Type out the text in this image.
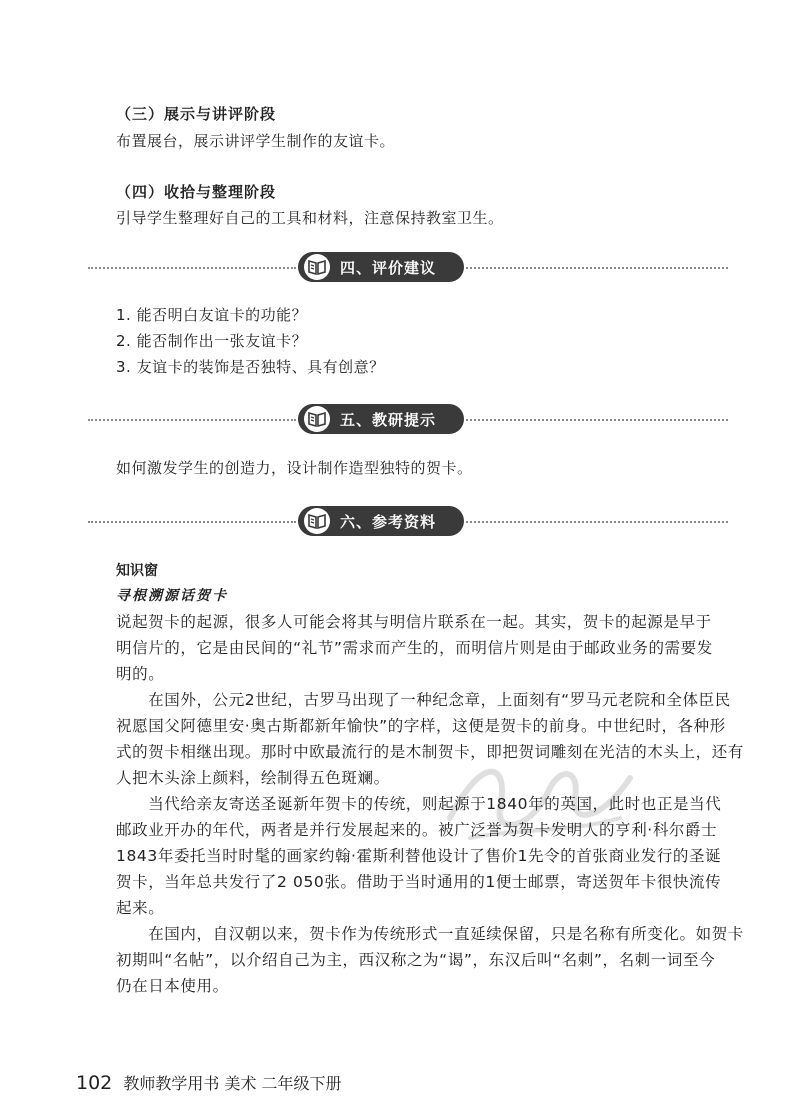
（三）展示与讲评阶段
布置展台，展示讲评学生制作的友谊卡。
（四）收拾与整理阶段
引导学生整理好自己的工具和材料，注意保持教室卫生。
四、评价建议
1. 能否明白友谊卡的功能？
2. 能否制作出一张友谊卡？
3. 友谊卡的装饰是否独特、具有创意？
五、教研提示
如何激发学生的创造力，设计制作造型独特的贺卡。
六、参考资料
知识窗
寻根溯源话贺卡
说起贺卡的起源，很多人可能会将其与明信片联系在一起。其实，贺卡的起源是早于
明信片的，它是由民间的“礼节”需求而产生的，而明信片则是由于邮政业务的需要发
明的。
　　在国外，公元2世纪，古罗马出现了一种纪念章，上面刻有“罗马元老院和全体臣民
祝愿国父阿德里安·奥古斯都新年愉快”的字样，这便是贺卡的前身。中世纪时，各种形
式的贺卡相继出现。那时中欧最流行的是木制贺卡，即把贺词雕刻在光洁的木头上，还有
人把木头涂上颜料，绘制得五色斑斓。
　　当代给亲友寄送圣诞新年贺卡的传统，则起源于1840年的英国，此时也正是当代
邮政业开办的年代，两者是并行发展起来的。被广泛誉为贺卡发明人的亨利·科尔爵士
1843年委托当时时髦的画家约翰·霍斯利替他设计了售价1先令的首张商业发行的圣诞
贺卡，当年总共发行了2 050张。借助于当时通用的1便士邮票，寄送贺年卡很快流传
起来。
　　在国内，自汉朝以来，贺卡作为传统形式一直延续保留，只是名称有所变化。如贺卡
初期叫“名帖”，以介绍自己为主，西汉称之为“谒”，东汉后叫“名刺”，名刺一词至今
仍在日本使用。
102 教师教学用书 美术 二年级下册
